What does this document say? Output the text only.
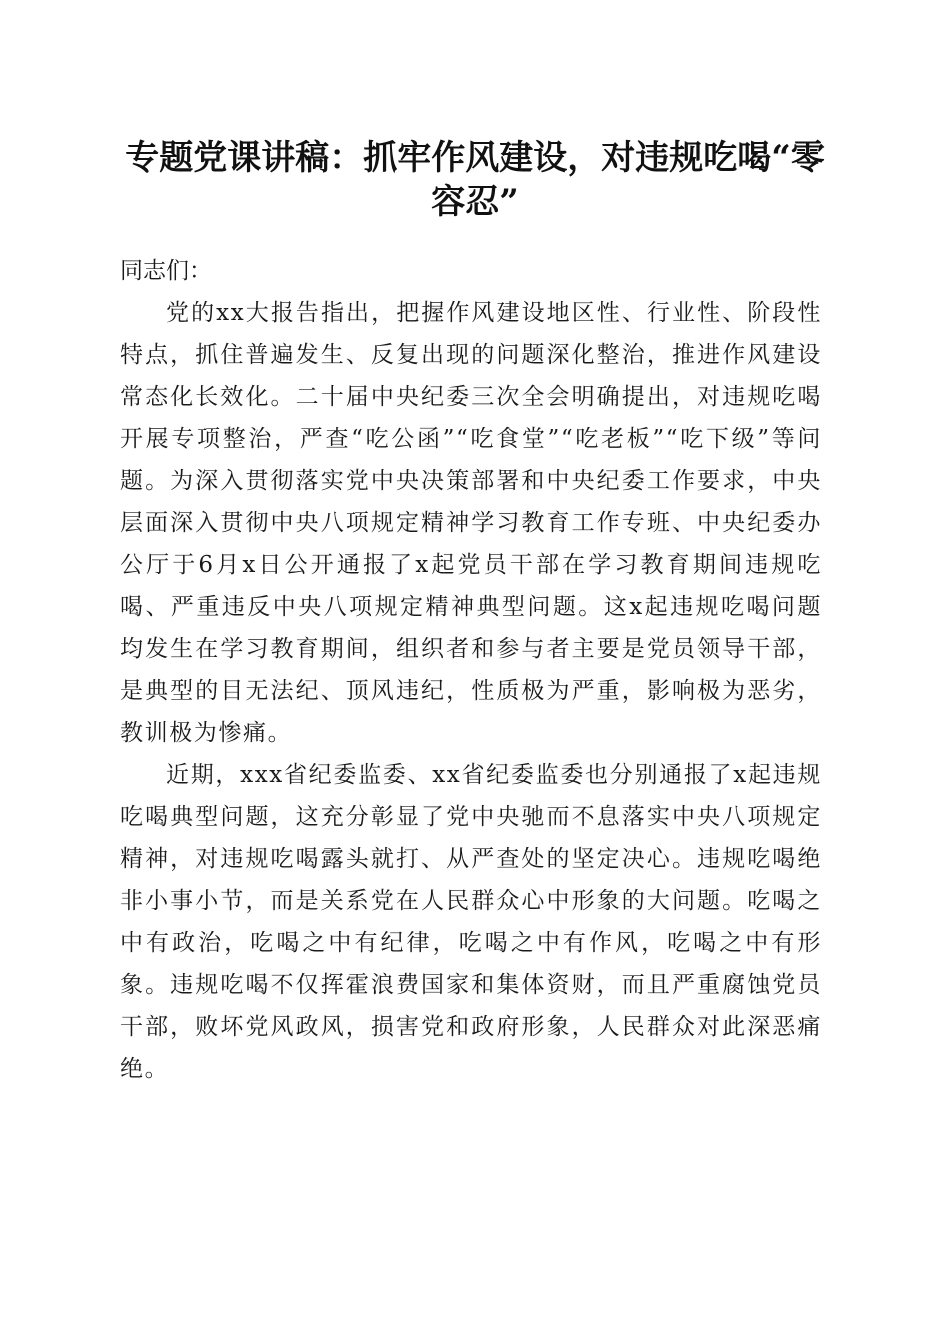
专题党课讲稿：抓牢作风建设，对违规吃喝“零容忍”

同志们：

党的xx大报告指出，把握作风建设地区性、行业性、阶段性特点，抓住普遍发生、反复出现的问题深化整治，推进作风建设常态化长效化。二十届中央纪委三次全会明确提出，对违规吃喝开展专项整治，严查“吃公函”“吃食堂”“吃老板”“吃下级”等问题。为深入贯彻落实党中央决策部署和中央纪委工作要求，中央层面深入贯彻中央八项规定精神学习教育工作专班、中央纪委办公厅于6月x日公开通报了x起党员干部在学习教育期间违规吃喝、严重违反中央八项规定精神典型问题。这x起违规吃喝问题均发生在学习教育期间，组织者和参与者主要是党员领导干部，是典型的目无法纪、顶风违纪，性质极为严重，影响极为恶劣，教训极为惨痛。

近期，xxx省纪委监委、xx省纪委监委也分别通报了x起违规吃喝典型问题，这充分彰显了党中央驰而不息落实中央八项规定精神，对违规吃喝露头就打、从严查处的坚定决心。违规吃喝绝非小事小节，而是关系党在人民群众心中形象的大问题。吃喝之中有政治，吃喝之中有纪律，吃喝之中有作风，吃喝之中有形象。违规吃喝不仅挥霍浪费国家和集体资财，而且严重腐蚀党员干部，败坏党风政风，损害党和政府形象，人民群众对此深恶痛绝。
